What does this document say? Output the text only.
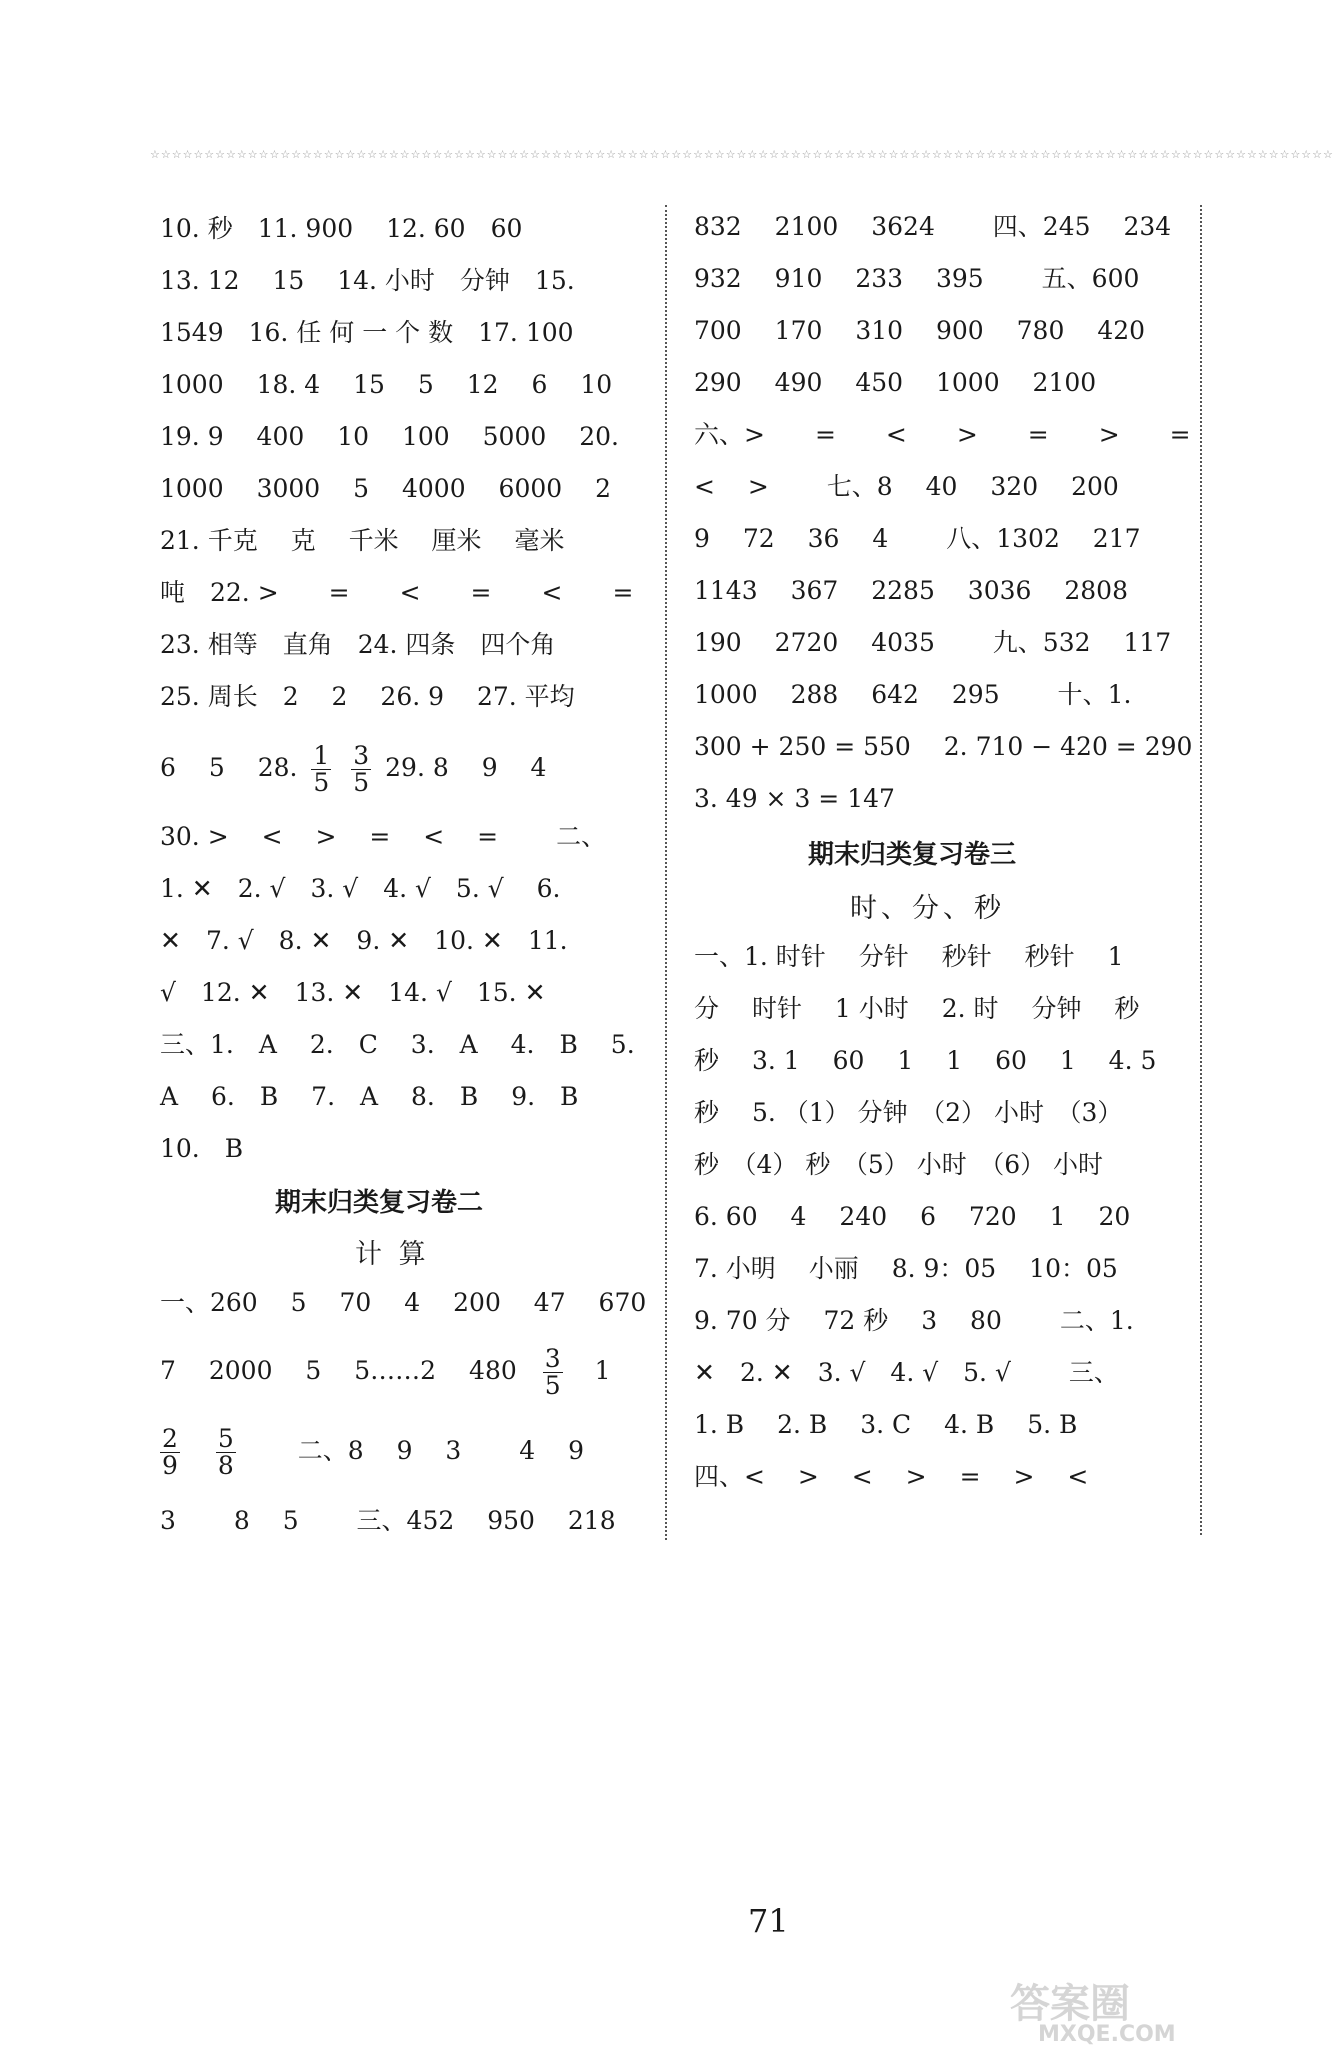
☆☆☆☆☆☆☆☆☆☆☆☆☆☆☆☆☆☆☆☆☆☆☆☆☆☆☆☆☆☆☆☆☆☆☆☆☆☆☆☆☆☆☆☆☆☆☆☆☆☆☆☆☆☆☆☆☆☆☆☆☆☆☆☆☆☆☆☆☆☆☆☆☆☆☆☆☆☆☆☆☆☆☆☆☆☆☆☆☆☆☆☆☆☆☆☆☆☆☆☆☆☆☆☆☆☆☆☆☆
10. 秒　11. 900　 12. 60　60
13. 12　 15　 14. 小时　分钟　15.
1549　16. 任 何 一 个 数　17. 100
1000　 18. 4　 15　 5　 12　 6　 10
19. 9　 400　 10　 100　 5000　 20.
1000　 3000　 5　 4000　 6000　 2
21. 千克　 克　 千米　 厘米　 毫米
吨　22. >　　=　　<　　=　　<　　=
23. 相等　直角　24. 四条　四个角
25. 周长　2　 2　 26. 9　 27. 平均
6　 5　 28. $\frac{1}{5}$
$\frac{3}{5} 29$. 8　 9　 4
30. >　 <　 >　 =　 <　 =　　 二、
1. ✕　2. √　3. √　4. √　5. √　 6.
✕　7. √　8. ✕　9. ✕　10. ✕　11.
√　12. ✕　13. ✕　14. √　15. ✕
三、1.　A　 2.　C　 3.　A　 4.　B　 5.
A　 6.　B　 7.　A　 8.　B　 9.　B
10.　B
期末归类复习卷二
计 算
一、260　 5　 70　 4　 200　 47　 670
7　 2000　 5　 5……2　 $480 \frac{3}{5} 1$
$\frac{2}{9}$
$\frac{5}{8}$ 二、8　 9　 3　　 4　 9
3　　 8　 5　　 三、452　 950　 218
832　 2100　 3624　　 四、245　 234
932　 910　 233　 395　　 五、600
700　 170　 310　 900　 780　 420
290　 490　 450　 1000　 2100
六、>　　=　　<　　>　　=　　>　　=
<　 >　　 七、8　 40　 320　 200
9　 72　 36　 4　　 八、1302　 217
1143　 367　 2285　 3036　 2808
190　 2720　 4035　　 九、532　 117
1000　 288　 642　 295　　 十、1.
300 + 250 = 550　 2. 710 − 420 = 290
3. 49 × 3 = 147
期末归类复习卷三
时、分、秒
一、1. 时针　 分针　 秒针　 秒针　 1
分　 时针　 1 小时　 2. 时　 分钟　 秒
秒　 3. 1　 60　 1　 1　 60　 1　 4. 5
秒　 5. （1） 分钟　（2） 小时　（3）
秒　（4） 秒　（5） 小时　（6） 小时
6. 60　 4　 240　 6　 720　 1　 20
7. 小明　 小丽　 8. 9：05　 10：05
9. 70 分　 72 秒　 3　 80　　 二、1.
✕　2. ✕　3. √　4. √　5. √　　 三、
1. B　 2. B　 3. C　 4. B　 5. B
四、<　 >　 <　 >　 =　 >　 <
71
答案圈
MXQE.COM
